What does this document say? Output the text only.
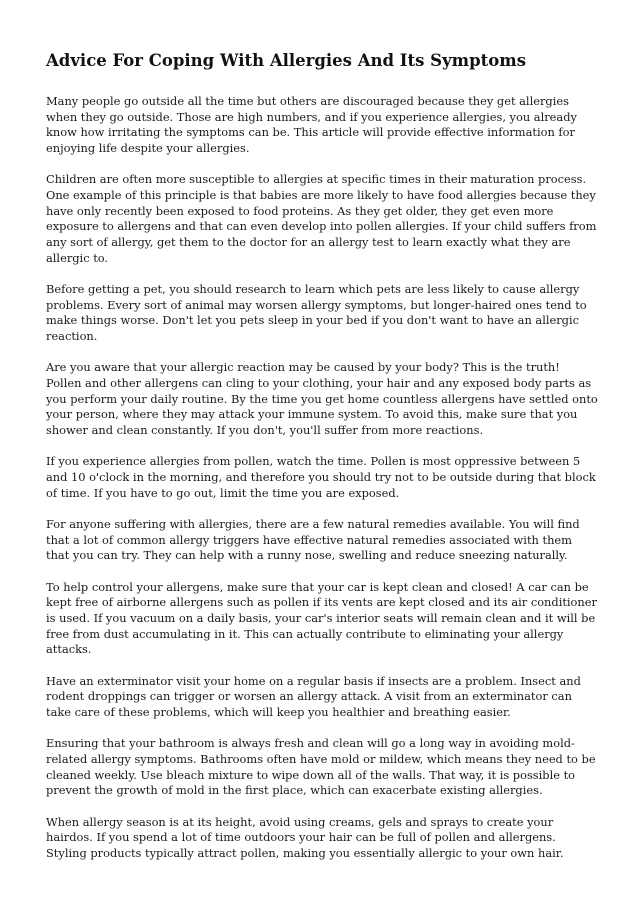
Advice For Coping With Allergies And Its Symptoms

Many people go outside all the time but others are discouraged because they get allergies when they go outside. Those are high numbers, and if you experience allergies, you already know how irritating the symptoms can be. This article will provide effective information for enjoying life despite your allergies.

Children are often more susceptible to allergies at specific times in their maturation process. One example of this principle is that babies are more likely to have food allergies because they have only recently been exposed to food proteins. As they get older, they get even more exposure to allergens and that can even develop into pollen allergies. If your child suffers from any sort of allergy, get them to the doctor for an allergy test to learn exactly what they are allergic to.

Before getting a pet, you should research to learn which pets are less likely to cause allergy problems. Every sort of animal may worsen allergy symptoms, but longer-haired ones tend to make things worse. Don't let you pets sleep in your bed if you don't want to have an allergic reaction.

Are you aware that your allergic reaction may be caused by your body? This is the truth! Pollen and other allergens can cling to your clothing, your hair and any exposed body parts as you perform your daily routine. By the time you get home countless allergens have settled onto your person, where they may attack your immune system. To avoid this, make sure that you shower and clean constantly. If you don't, you'll suffer from more reactions.

If you experience allergies from pollen, watch the time. Pollen is most oppressive between 5 and 10 o'clock in the morning, and therefore you should try not to be outside during that block of time. If you have to go out, limit the time you are exposed.

For anyone suffering with allergies, there are a few natural remedies available. You will find that a lot of common allergy triggers have effective natural remedies associated with them that you can try. They can help with a runny nose, swelling and reduce sneezing naturally.

To help control your allergens, make sure that your car is kept clean and closed! A car can be kept free of airborne allergens such as pollen if its vents are kept closed and its air conditioner is used. If you vacuum on a daily basis, your car's interior seats will remain clean and it will be free from dust accumulating in it. This can actually contribute to eliminating your allergy attacks.

Have an exterminator visit your home on a regular basis if insects are a problem. Insect and rodent droppings can trigger or worsen an allergy attack. A visit from an exterminator can take care of these problems, which will keep you healthier and breathing easier.

Ensuring that your bathroom is always fresh and clean will go a long way in avoiding mold-related allergy symptoms. Bathrooms often have mold or mildew, which means they need to be cleaned weekly. Use bleach mixture to wipe down all of the walls. That way, it is possible to prevent the growth of mold in the first place, which can exacerbate existing allergies.

When allergy season is at its height, avoid using creams, gels and sprays to create your hairdos. If you spend a lot of time outdoors your hair can be full of pollen and allergens. Styling products typically attract pollen, making you essentially allergic to your own hair.
